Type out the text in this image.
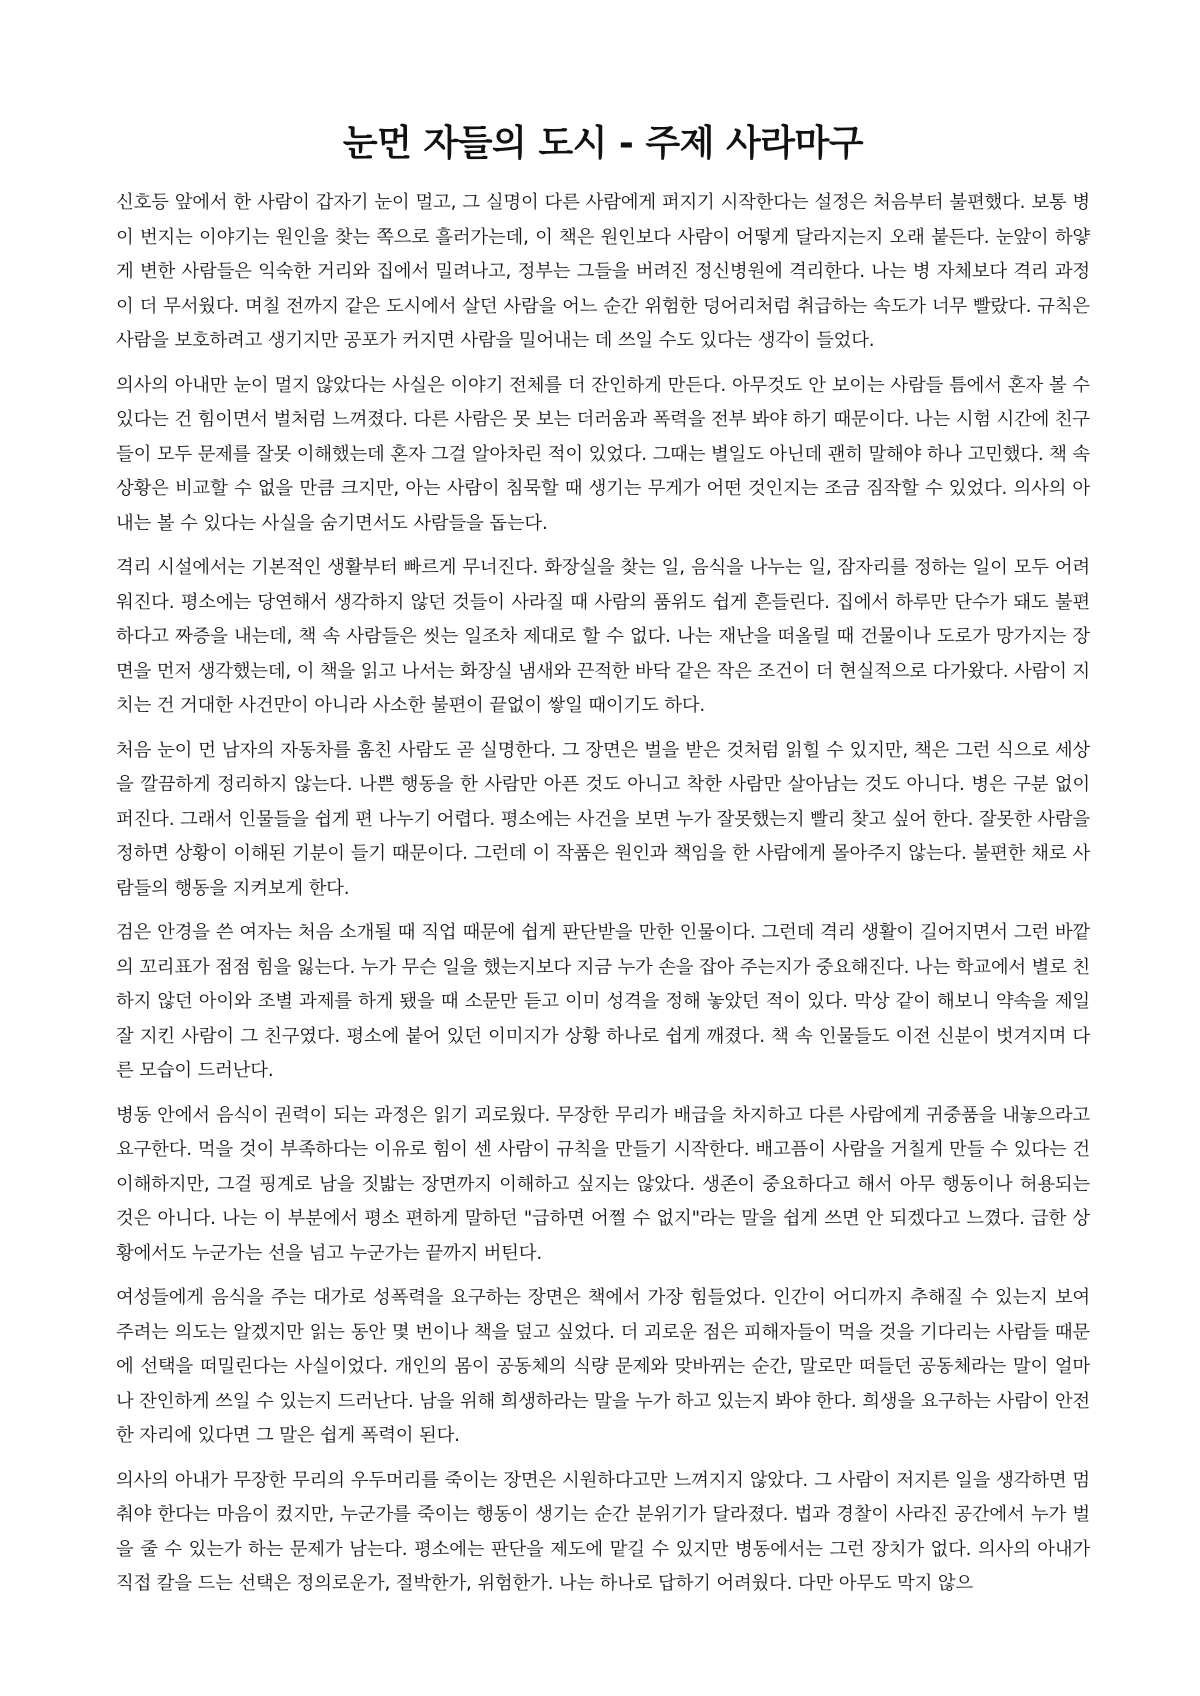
눈먼 자들의 도시 - 주제 사라마구

신호등 앞에서 한 사람이 갑자기 눈이 멀고, 그 실명이 다른 사람에게 퍼지기 시작한다는 설정은 처음부터 불편했다. 보통 병이 번지는 이야기는 원인을 찾는 쪽으로 흘러가는데, 이 책은 원인보다 사람이 어떻게 달라지는지 오래 붙든다. 눈앞이 하얗게 변한 사람들은 익숙한 거리와 집에서 밀려나고, 정부는 그들을 버려진 정신병원에 격리한다. 나는 병 자체보다 격리 과정이 더 무서웠다. 며칠 전까지 같은 도시에서 살던 사람을 어느 순간 위험한 덩어리처럼 취급하는 속도가 너무 빨랐다. 규칙은 사람을 보호하려고 생기지만 공포가 커지면 사람을 밀어내는 데 쓰일 수도 있다는 생각이 들었다.

의사의 아내만 눈이 멀지 않았다는 사실은 이야기 전체를 더 잔인하게 만든다. 아무것도 안 보이는 사람들 틈에서 혼자 볼 수 있다는 건 힘이면서 벌처럼 느껴졌다. 다른 사람은 못 보는 더러움과 폭력을 전부 봐야 하기 때문이다. 나는 시험 시간에 친구들이 모두 문제를 잘못 이해했는데 혼자 그걸 알아차린 적이 있었다. 그때는 별일도 아닌데 괜히 말해야 하나 고민했다. 책 속 상황은 비교할 수 없을 만큼 크지만, 아는 사람이 침묵할 때 생기는 무게가 어떤 것인지는 조금 짐작할 수 있었다. 의사의 아내는 볼 수 있다는 사실을 숨기면서도 사람들을 돕는다.

격리 시설에서는 기본적인 생활부터 빠르게 무너진다. 화장실을 찾는 일, 음식을 나누는 일, 잠자리를 정하는 일이 모두 어려워진다. 평소에는 당연해서 생각하지 않던 것들이 사라질 때 사람의 품위도 쉽게 흔들린다. 집에서 하루만 단수가 돼도 불편하다고 짜증을 내는데, 책 속 사람들은 씻는 일조차 제대로 할 수 없다. 나는 재난을 떠올릴 때 건물이나 도로가 망가지는 장면을 먼저 생각했는데, 이 책을 읽고 나서는 화장실 냄새와 끈적한 바닥 같은 작은 조건이 더 현실적으로 다가왔다. 사람이 지치는 건 거대한 사건만이 아니라 사소한 불편이 끝없이 쌓일 때이기도 하다.

처음 눈이 먼 남자의 자동차를 훔친 사람도 곧 실명한다. 그 장면은 벌을 받은 것처럼 읽힐 수 있지만, 책은 그런 식으로 세상을 깔끔하게 정리하지 않는다. 나쁜 행동을 한 사람만 아픈 것도 아니고 착한 사람만 살아남는 것도 아니다. 병은 구분 없이 퍼진다. 그래서 인물들을 쉽게 편 나누기 어렵다. 평소에는 사건을 보면 누가 잘못했는지 빨리 찾고 싶어 한다. 잘못한 사람을 정하면 상황이 이해된 기분이 들기 때문이다. 그런데 이 작품은 원인과 책임을 한 사람에게 몰아주지 않는다. 불편한 채로 사람들의 행동을 지켜보게 한다.

검은 안경을 쓴 여자는 처음 소개될 때 직업 때문에 쉽게 판단받을 만한 인물이다. 그런데 격리 생활이 길어지면서 그런 바깥의 꼬리표가 점점 힘을 잃는다. 누가 무슨 일을 했는지보다 지금 누가 손을 잡아 주는지가 중요해진다. 나는 학교에서 별로 친하지 않던 아이와 조별 과제를 하게 됐을 때 소문만 듣고 이미 성격을 정해 놓았던 적이 있다. 막상 같이 해보니 약속을 제일 잘 지킨 사람이 그 친구였다. 평소에 붙어 있던 이미지가 상황 하나로 쉽게 깨졌다. 책 속 인물들도 이전 신분이 벗겨지며 다른 모습이 드러난다.

병동 안에서 음식이 권력이 되는 과정은 읽기 괴로웠다. 무장한 무리가 배급을 차지하고 다른 사람에게 귀중품을 내놓으라고 요구한다. 먹을 것이 부족하다는 이유로 힘이 센 사람이 규칙을 만들기 시작한다. 배고픔이 사람을 거칠게 만들 수 있다는 건 이해하지만, 그걸 핑계로 남을 짓밟는 장면까지 이해하고 싶지는 않았다. 생존이 중요하다고 해서 아무 행동이나 허용되는 것은 아니다. 나는 이 부분에서 평소 편하게 말하던 "급하면 어쩔 수 없지"라는 말을 쉽게 쓰면 안 되겠다고 느꼈다. 급한 상황에서도 누군가는 선을 넘고 누군가는 끝까지 버틴다.

여성들에게 음식을 주는 대가로 성폭력을 요구하는 장면은 책에서 가장 힘들었다. 인간이 어디까지 추해질 수 있는지 보여 주려는 의도는 알겠지만 읽는 동안 몇 번이나 책을 덮고 싶었다. 더 괴로운 점은 피해자들이 먹을 것을 기다리는 사람들 때문에 선택을 떠밀린다는 사실이었다. 개인의 몸이 공동체의 식량 문제와 맞바뀌는 순간, 말로만 떠들던 공동체라는 말이 얼마나 잔인하게 쓰일 수 있는지 드러난다. 남을 위해 희생하라는 말을 누가 하고 있는지 봐야 한다. 희생을 요구하는 사람이 안전한 자리에 있다면 그 말은 쉽게 폭력이 된다.

의사의 아내가 무장한 무리의 우두머리를 죽이는 장면은 시원하다고만 느껴지지 않았다. 그 사람이 저지른 일을 생각하면 멈춰야 한다는 마음이 컸지만, 누군가를 죽이는 행동이 생기는 순간 분위기가 달라졌다. 법과 경찰이 사라진 공간에서 누가 벌을 줄 수 있는가 하는 문제가 남는다. 평소에는 판단을 제도에 맡길 수 있지만 병동에서는 그런 장치가 없다. 의사의 아내가 직접 칼을 드는 선택은 정의로운가, 절박한가, 위험한가. 나는 하나로 답하기 어려웠다. 다만 아무도 막지 않으
